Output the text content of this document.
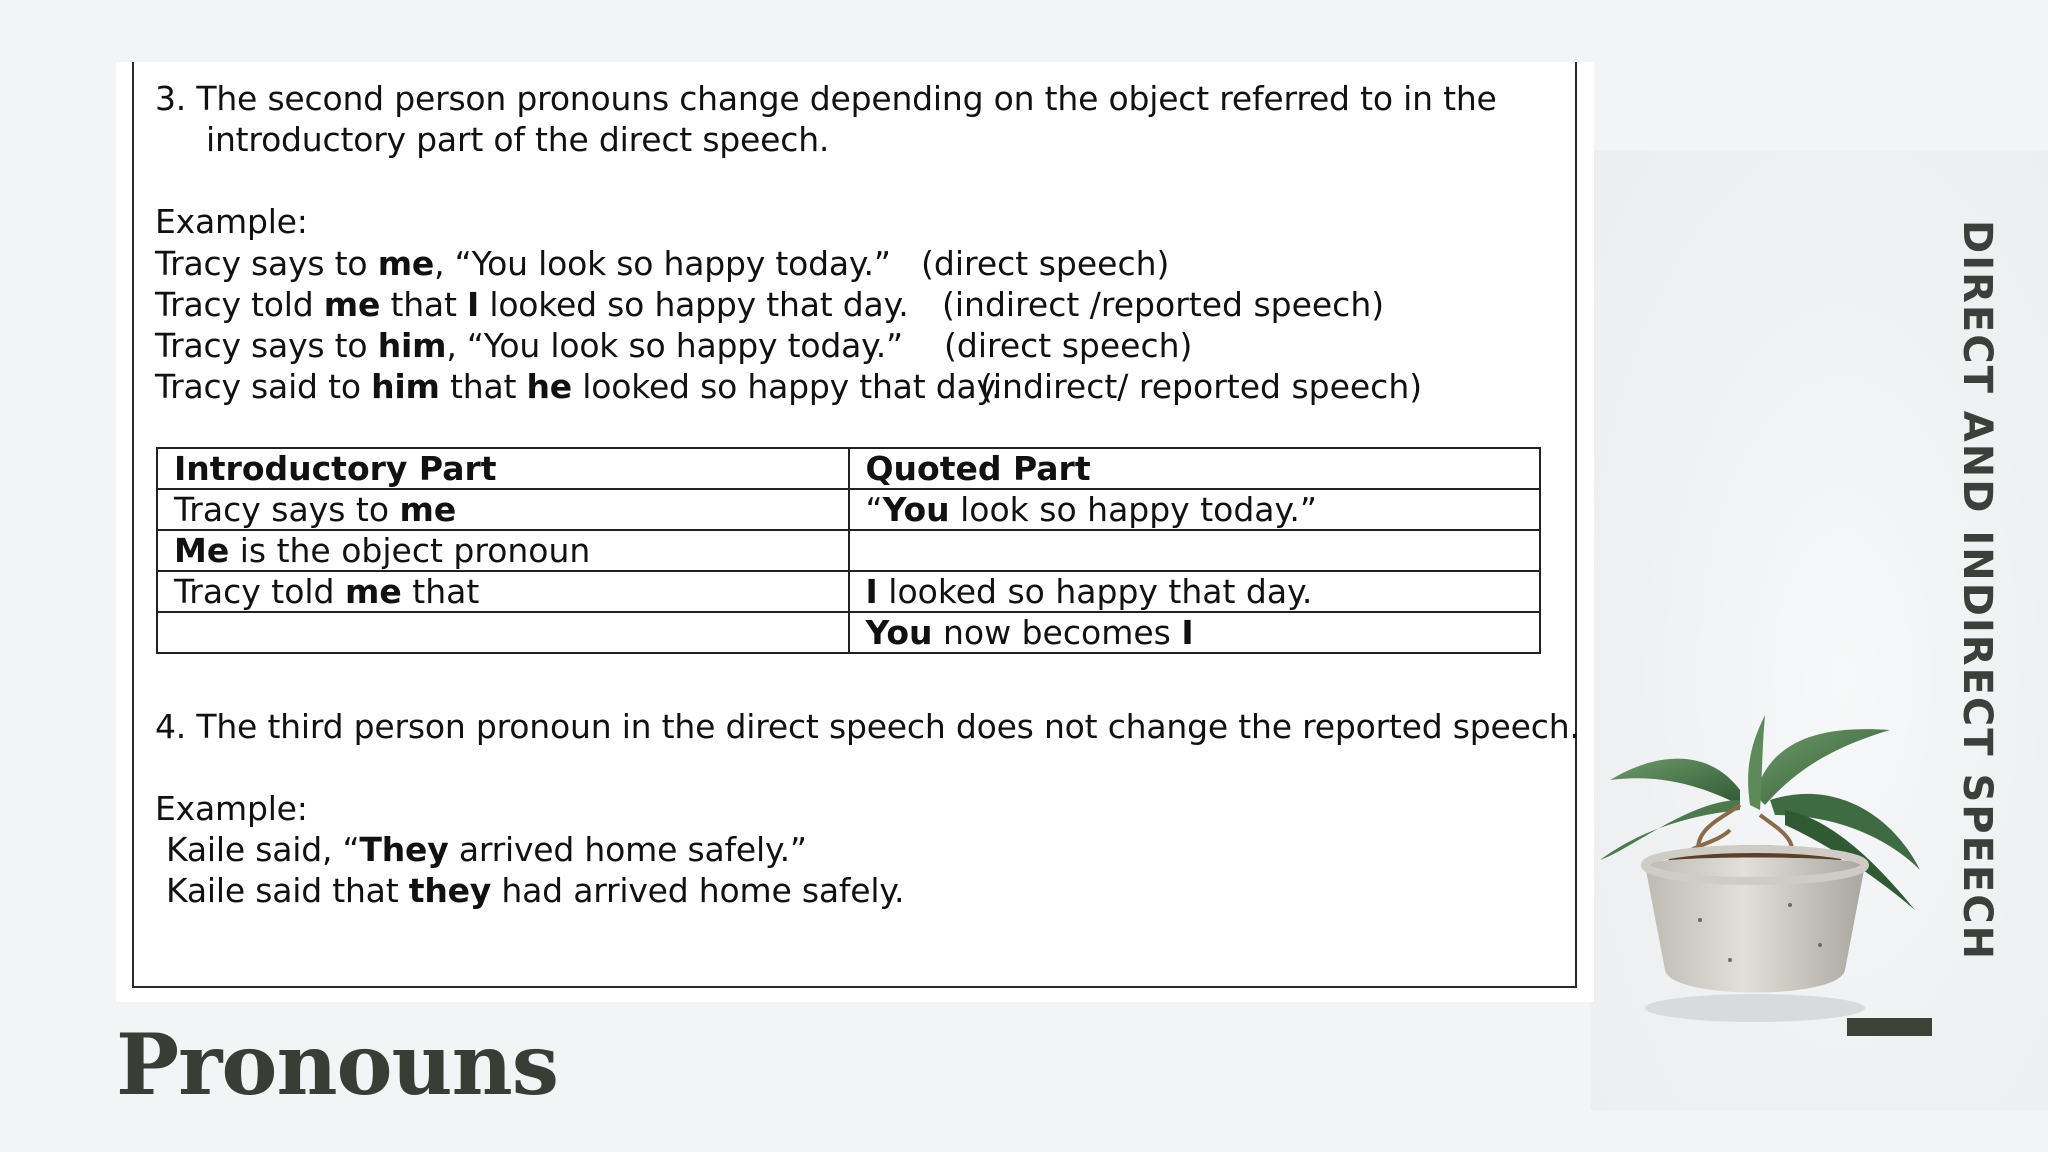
3. The second person pronouns change depending on the object referred to in the
introductory part of the direct speech.
Example:
Tracy says to me, “You look so happy today.” (direct speech)
Tracy told me that I looked so happy that day. (indirect /reported speech)
Tracy says to him, “You look so happy today.” (direct speech)
Tracy said to him that he looked so happy that day.
(indirect/ reported speech)
Introductory Part	Quoted Part
Tracy says to me	“You look so happy today.”
Me is the object pronoun	
Tracy told me that	I looked so happy that day.
	You now becomes I
4. The third person pronoun in the direct speech does not change the reported speech.
Example:
Kaile said, “They arrived home safely.”
Kaile said that they had arrived home safely.
Pronouns
DIRECT AND INDIRECT SPEECH
